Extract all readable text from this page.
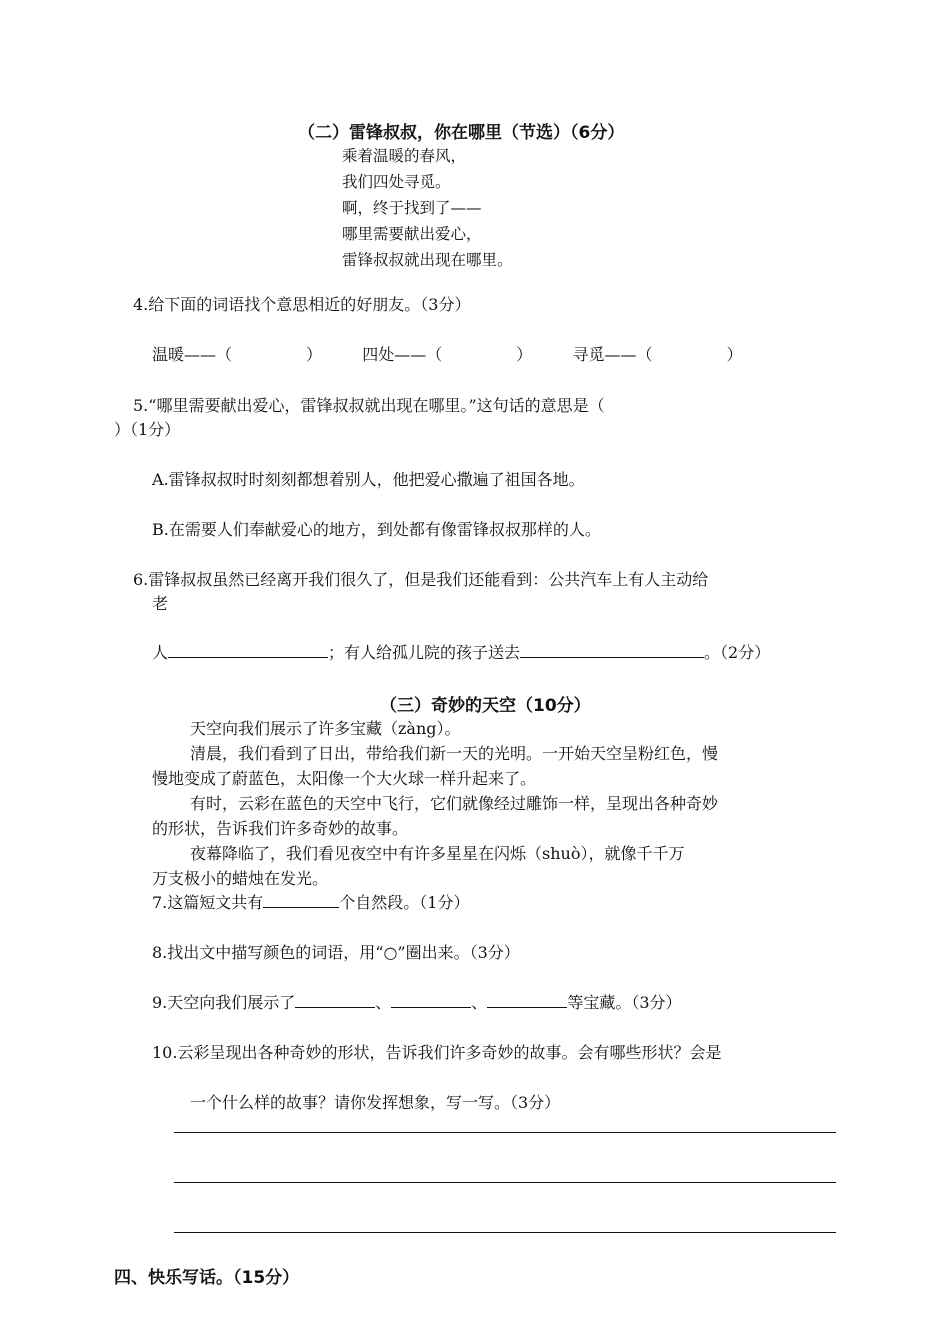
（二）雷锋叔叔，你在哪里（节选）（6分）
乘着温暖的春风，
我们四处寻觅。
啊，终于找到了——
哪里需要献出爱心，
雷锋叔叔就出现在哪里。
4.给下面的词语找个意思相近的好朋友。（3分）
温暖——（	）	四处——（	）	寻觅——（	）
5.“哪里需要献出爱心，雷锋叔叔就出现在哪里。”这句话的意思是（
）（1分）
A.雷锋叔叔时时刻刻都想着别人，他把爱心撒遍了祖国各地。
B.在需要人们奉献爱心的地方，到处都有像雷锋叔叔那样的人。
6.雷锋叔叔虽然已经离开我们很久了，但是我们还能看到：公共汽车上有人主动给
老
人	；有人给孤儿院的孩子送去	。（2分）
（三）奇妙的天空（10分）
天空向我们展示了许多宝藏（zàng）。
清晨，我们看到了日出，带给我们新一天的光明。一开始天空呈粉红色，慢
慢地变成了蔚蓝色，太阳像一个大火球一样升起来了。
有时，云彩在蓝色的天空中飞行，它们就像经过雕饰一样，呈现出各种奇妙
的形状，告诉我们许多奇妙的故事。
夜幕降临了，我们看见夜空中有许多星星在闪烁（shuò），就像千千万
万支极小的蜡烛在发光。
7.这篇短文共有	个自然段。（1分）
8.找出文中描写颜色的词语，用“○”圈出来。（3分）
9.天空向我们展示了	、	、	等宝藏。（3分）
10.云彩呈现出各种奇妙的形状，告诉我们许多奇妙的故事。会有哪些形状？会是
一个什么样的故事？请你发挥想象，写一写。（3分）
四、快乐写话。（15分）
